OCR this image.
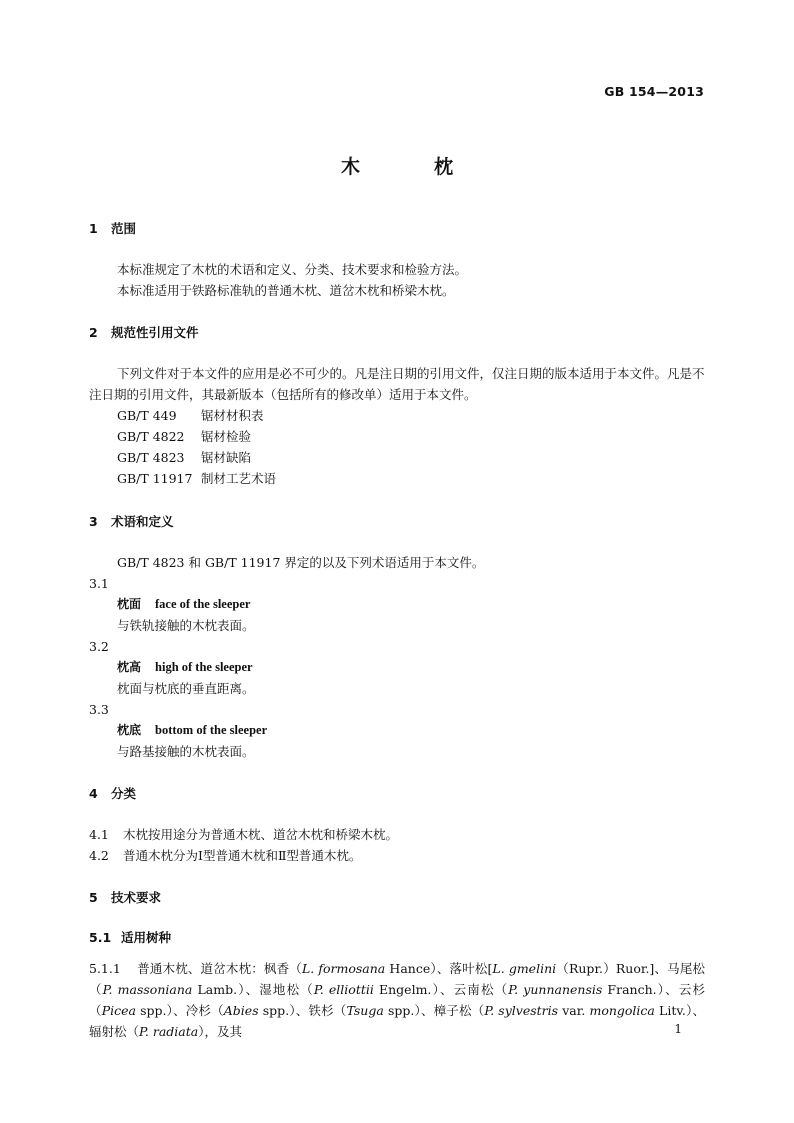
GB 154—2013
木	枕
1 范围
本标准规定了木枕的术语和定义、分类、技术要求和检验方法。
本标准适用于铁路标准轨的普通木枕、道岔木枕和桥梁木枕。
2 规范性引用文件
下列文件对于本文件的应用是必不可少的。凡是注日期的引用文件，仅注日期的版本适用于本文件。凡是不注日期的引用文件，其最新版本（包括所有的修改单）适用于本文件。
GB/T 449 锯材材积表
GB/T 4822 锯材检验
GB/T 4823 锯材缺陷
GB/T 11917 制材工艺术语
3 术语和定义
GB/T 4823 和 GB/T 11917 界定的以及下列术语适用于本文件。
3.1
枕面 face of the sleeper
与铁轨接触的木枕表面。
3.2
枕高 high of the sleeper
枕面与枕底的垂直距离。
3.3
枕底 bottom of the sleeper
与路基接触的木枕表面。
4 分类
4.1 木枕按用途分为普通木枕、道岔木枕和桥梁木枕。
4.2 普通木枕分为Ⅰ型普通木枕和Ⅱ型普通木枕。
5 技术要求
5.1 适用树种
5.1.1 普通木枕、道岔木枕：枫香（L. formosana Hance）、落叶松[L. gmelini（Rupr.）Ruor.]、马尾松（P. massoniana Lamb.）、湿地松（P. elliottii Engelm.）、云南松（P. yunnanensis Franch.）、云杉（Picea spp.）、冷杉（Abies spp.）、铁杉（Tsuga spp.）、樟子松（P. sylvestris var. mongolica Litv.）、辐射松（P. radiata），及其	1
